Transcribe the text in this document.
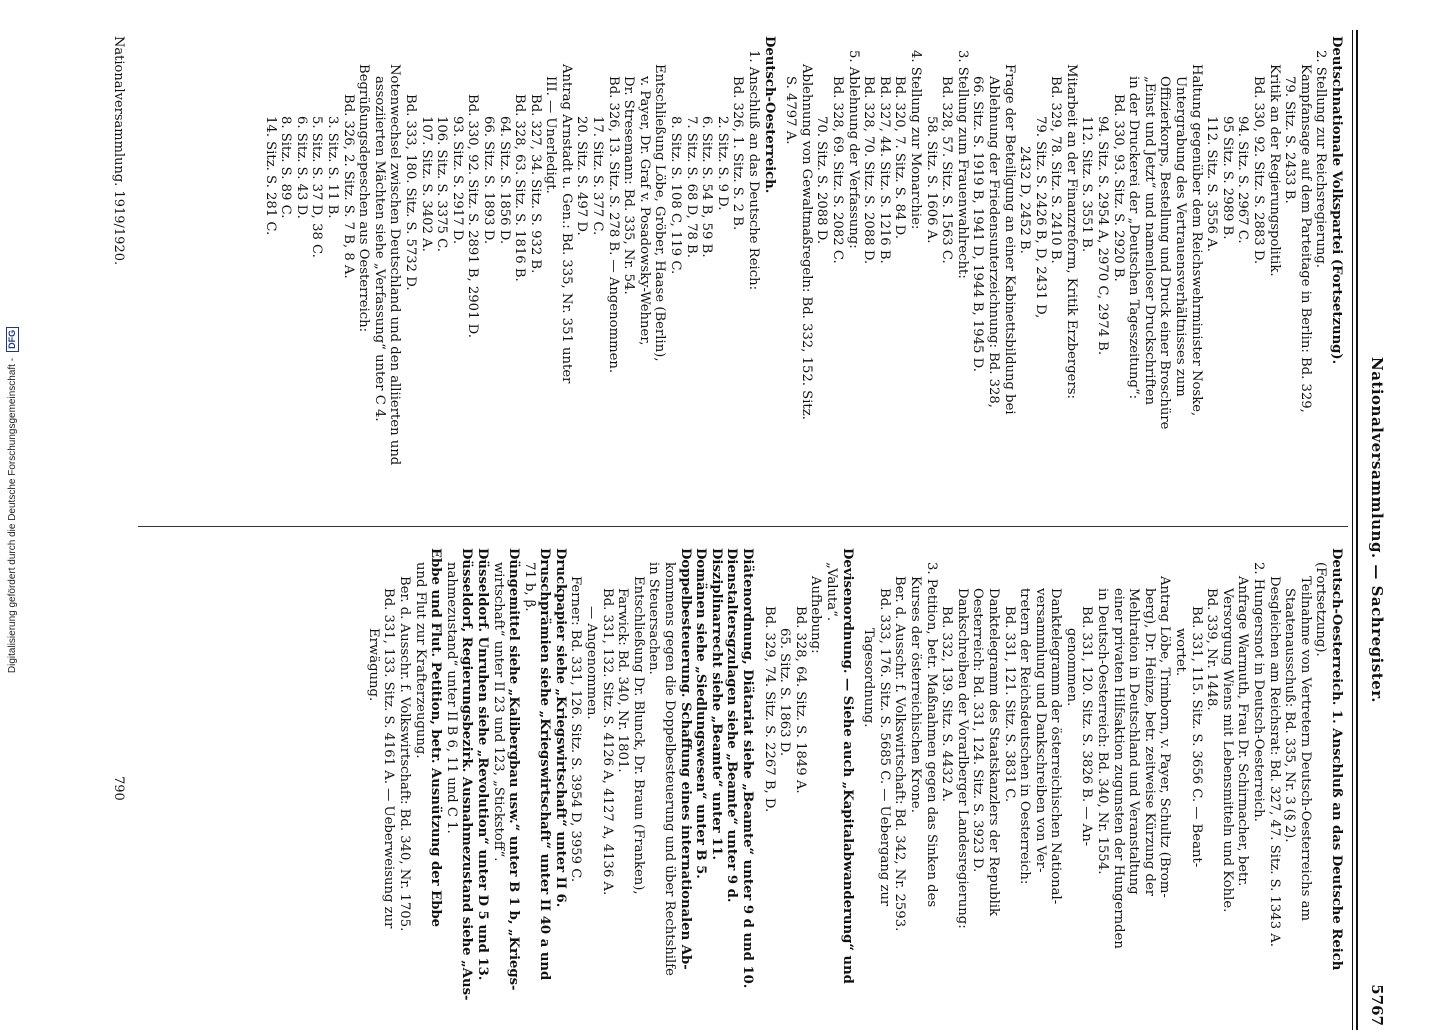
Digitalisierung gefördert durch die Deutsche Forschungsgemeinschaft -
DFG
Nationalversammlung. — Sachregister.
5767

Deutschnationale Volkspartei (Fortsetzung).

2. Stellung zur Reichsregierung.

Kampfansage auf dem Parteitage in Berlin: Bd. 329,

79. Sitz. S. 2433 B.

Kritik an der Regierungspolitik.

Bd. 330, 92. Sitz. S. 2883 D.

94. Sitz. S. 2967 C.

95 Sitz. S. 2989 B.

112. Sitz. S. 3556 A.

Haltung gegenüber dem Reichswehrminister Noske,

Untergrabung des Vertrauensverhältnisses zum

Offizierkorps, Bestellung und Druck einer Broschüre

„Einst und Jetzt“ und namenloser Druckschriften

in der Druckerei der „Deutschen Tageszeitung“:

Bd. 330, 93. Sitz. S. 2920 B.

94. Sitz. S. 2954 A, 2970 C, 2974 B.

112. Sitz. S. 3551 B.

Mitarbeit an der Finanzreform, Kritik Erzbergers:

Bd. 329, 78. Sitz. S. 2410 B.

79. Sitz. S. 2426 B, D, 2431 D,

2432 D, 2452 B.

Frage der Beteiligung an einer Kabinettsbildung bei

Ablehnung der Friedensunterzeichnung: Bd. 328,

66. Sitz. S. 1919 B, 1941 D, 1944 B, 1945 D.

3. Stellung zum Frauenwahlrecht:

Bd. 328, 57. Sitz. S. 1563 C.

58. Sitz. S. 1606 A.

4. Stellung zur Monarchie:

Bd. 320, 7. Sitz. S. 84 D.

Bd. 327, 44. Sitz. S. 1216 B.

Bd. 328, 70. Sitz. S. 2088 D.

5. Ablehnung der Verfassung:

Bd. 328, 69. Sitz. S. 2082 C.

70. Sitz. S. 2088 D.

Ablehnung von Gewaltmaßregeln: Bd. 332, 152. Sitz.

S. 4797 A.

Deutsch-Oesterreich.

1. Anschluß an das Deutsche Reich:

Bd. 326, 1. Sitz. S. 2 B.

2. Sitz. S. 9 D.

6. Sitz. S. 54 B, 59 B.

7. Sitz. S. 68 D, 78 B.

8. Sitz. S. 108 C, 119 C.

Entschließung Löbe, Gröber, Haase (Berlin),

v. Payer, Dr. Graf v. Posadowsky-Wehner,

Dr. Stresemann: Bd. 335, Nr. 54.

Bd. 326, 13. Sitz. S. 278 B. — Angenommen.

17. Sitz. S. 377 C.

20. Sitz. S. 497 D.

Antrag Arnstadt u. Gen.: Bd. 335, Nr. 351 unter

III. — Unerledigt.

Bd. 327, 34. Sitz. S. 932 B.

Bd. 328, 63. Sitz. S. 1816 B.

64. Sitz. S. 1856 D.

66. Sitz. S. 1893 D.

Bd. 330, 92. Sitz. S. 2891 B, 2901 D.

93. Sitz. S. 2917 D.

106. Sitz. S. 3375 C.

107. Sitz. S. 3402 A.

Bd. 333, 180. Sitz. S. 5732 D.

Notenwechsel zwischen Deutschland und den alliierten und

assoziierten Mächten siehe „Verfassung“ unter C 4.

Begrüßungsdepeschen aus Oesterreich:

Bd. 326, 2. Sitz. S. 7 B, 8 A.

3. Sitz. S. 11 B.

5. Sitz. S. 37 D, 38 C.

6. Sitz. S. 43 D.

8. Sitz. S. 89 C.

14. Sitz. S. 281 C.

Deutsch-Oesterreich. 1. Anschluß an das Deutsche Reich

(Fortsetzung).

Teilnahme von Vertretern Deutsch-Oesterreichs am

Staatenausschuß: Bd. 335, Nr. 3 (§ 2).

Desgleichen am Reichsrat: Bd. 327, 47. Sitz. S. 1343 A.

2. Hungersnot in Deutsch-Oesterreich.

Anfrage Warmuth, Frau Dr. Schirmacher, betr.

Versorgung Wiens mit Lebensmitteln und Kohle.

Bd. 339, Nr. 1448.

Bd. 331, 115. Sitz. S. 3656 C. — Beant-

wortet.

Antrag Löbe, Trimborn, v. Payer, Schultz (Brom-

berg), Dr. Heinze, betr. zeitweise Kürzung der

Mehlration in Deutschland und Veranstaltung

einer privaten Hilfsaktion zugunsten der Hungernden

in Deutsch-Oesterreich: Bd. 340, Nr. 1554.

Bd. 331, 120. Sitz. S. 3826 B. — An-

genommen.

Danktelegramm der österreichischen National-

versammlung und Dankschreiben von Ver-

tretern der Reichsdeutschen in Oesterreich:

Bd. 331, 121. Sitz. S. 3831 C.

Danktelegramm des Staatskanzlers der Republik

Oesterreich: Bd. 331, 124. Sitz. S. 3923 D.

Dankschreiben der Vorarlberger Landesregierung:

Bd. 332, 139. Sitz. S. 4432 A.

3. Petition, betr. Maßnahmen gegen das Sinken des

Kurses der österreichischen Krone.

Ber. d. Ausschr. f. Volkswirtschaft: Bd. 342, Nr. 2593.

Bd. 333, 176. Sitz. S. 5685 C. — Uebergang zur

Tagesordnung.

Devisenordnung. — Siehe auch „Kapitalabwanderung“ und

„Valuta“.

Aufhebung:

Bd. 328, 64. Sitz. S. 1849 A.

65. Sitz. S. 1863 D.

Bd. 329, 74. Sitz. S. 2267 B, D.

Diätenordnung, Diätariat siehe „Beamte“ unter 9 d und 10.

Dienstaltersgzulagen siehe „Beamte“ unter 9 d.

Disziplinarrecht siehe „Beamte“ unter 11.

Domänen siehe „Siedlungswesen“ unter B 5.

Doppelbesteuerung. Schaffung eines internationalen Ab-

kommens gegen die Doppelbesteuerung und über Rechtshilfe

in Steuersachen.

Entschließung Dr. Blunck, Dr. Braun (Franken),

Farwick: Bd. 340, Nr. 1801.

Bd. 331, 132. Sitz. S. 4126 A, 4127 A, 4136 A.

— Angenommen.

Ferner: Bd. 331, 126. Sitz. S. 3954 D, 3959 C.

Druckpapier siehe „Kriegswirtschaft“ unter II 6.

Druschprämien siehe „Kriegswirtschaft“ unter II 40 a und

71 b, β.

Düngemittel siehe „Kalibergbau usw.“ unter B 1 b, „Kriegs-

wirtschaft“ unter II 23 und 123, „Stickstoff“.

Düsseldorf. Unruhen siehe „Revolution“ unter D 5 und 13.

Düsseldorf, Regierungsbezirk. Ausnahmezustand siehe „Aus-

nahmezustand“ unter II B 6, 11 und C 1.

Ebbe und Flut. Petition, betr. Ausnützung der Ebbe

und Flut zur Krafterzeugung.

Ber. d. Ausschr. f. Volkswirtschaft: Bd. 340, Nr. 1705.

Bd. 331, 133. Sitz. S. 4161 A. — Ueberweisung zur

Erwägung.

Nationalversammlung. 1919/1920.
790
